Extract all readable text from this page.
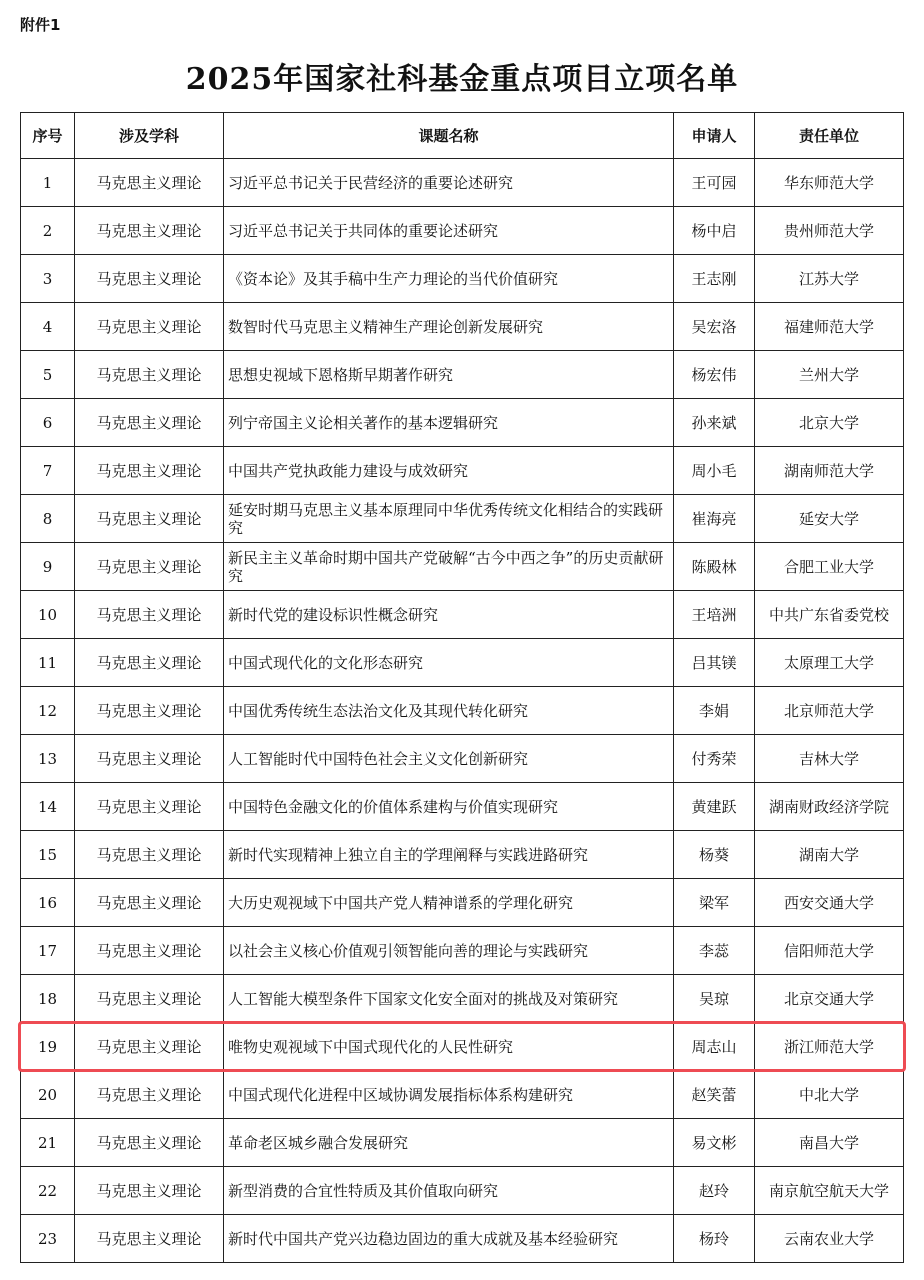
附件1
2025年国家社科基金重点项目立项名单
序号	涉及学科	课题名称	申请人	责任单位
1	马克思主义理论	习近平总书记关于民营经济的重要论述研究	王可园	华东师范大学
2	马克思主义理论	习近平总书记关于共同体的重要论述研究	杨中启	贵州师范大学
3	马克思主义理论	《资本论》及其手稿中生产力理论的当代价值研究	王志刚	江苏大学
4	马克思主义理论	数智时代马克思主义精神生产理论创新发展研究	吴宏洛	福建师范大学
5	马克思主义理论	思想史视域下恩格斯早期著作研究	杨宏伟	兰州大学
6	马克思主义理论	列宁帝国主义论相关著作的基本逻辑研究	孙来斌	北京大学
7	马克思主义理论	中国共产党执政能力建设与成效研究	周小毛	湖南师范大学
8	马克思主义理论	延安时期马克思主义基本原理同中华优秀传统文化相结合的实践研究	崔海亮	延安大学
9	马克思主义理论	新民主主义革命时期中国共产党破解“古今中西之争”的历史贡献研究	陈殿林	合肥工业大学
10	马克思主义理论	新时代党的建设标识性概念研究	王培洲	中共广东省委党校
11	马克思主义理论	中国式现代化的文化形态研究	吕其镁	太原理工大学
12	马克思主义理论	中国优秀传统生态法治文化及其现代转化研究	李娟	北京师范大学
13	马克思主义理论	人工智能时代中国特色社会主义文化创新研究	付秀荣	吉林大学
14	马克思主义理论	中国特色金融文化的价值体系建构与价值实现研究	黄建跃	湖南财政经济学院
15	马克思主义理论	新时代实现精神上独立自主的学理阐释与实践进路研究	杨葵	湖南大学
16	马克思主义理论	大历史观视域下中国共产党人精神谱系的学理化研究	梁军	西安交通大学
17	马克思主义理论	以社会主义核心价值观引领智能向善的理论与实践研究	李蕊	信阳师范大学
18	马克思主义理论	人工智能大模型条件下国家文化安全面对的挑战及对策研究	吴琼	北京交通大学
19	马克思主义理论	唯物史观视域下中国式现代化的人民性研究	周志山	浙江师范大学
20	马克思主义理论	中国式现代化进程中区域协调发展指标体系构建研究	赵笑蕾	中北大学
21	马克思主义理论	革命老区城乡融合发展研究	易文彬	南昌大学
22	马克思主义理论	新型消费的合宜性特质及其价值取向研究	赵玲	南京航空航天大学
23	马克思主义理论	新时代中国共产党兴边稳边固边的重大成就及基本经验研究	杨玲	云南农业大学
